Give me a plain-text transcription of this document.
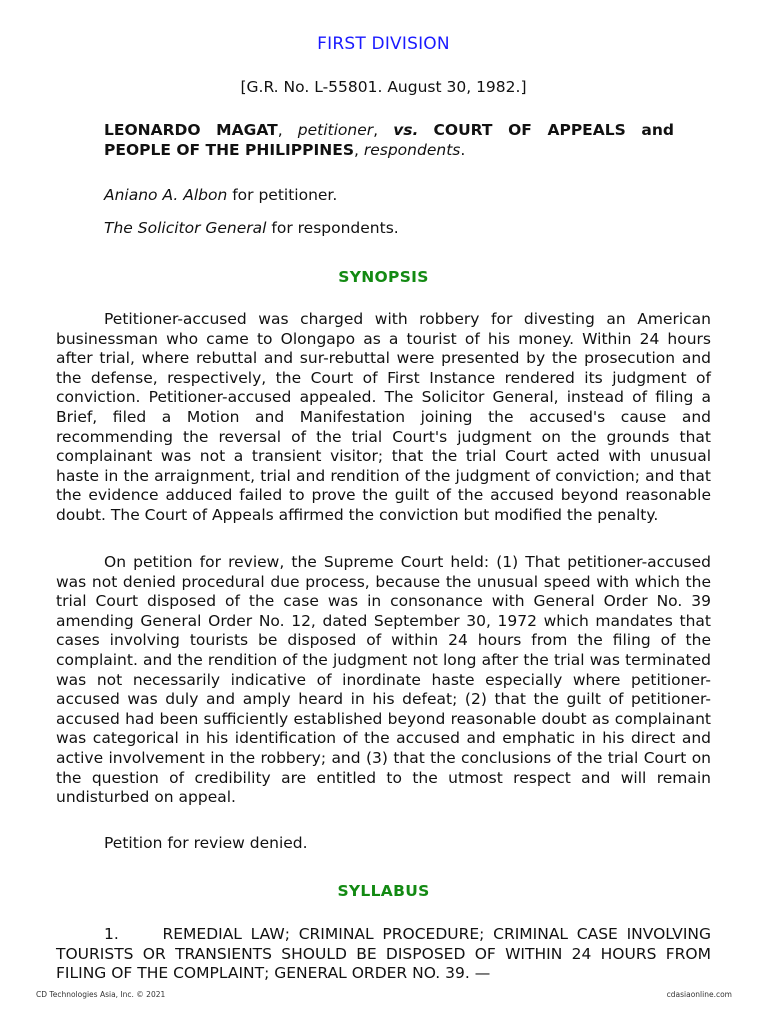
FIRST DIVISION
[G.R. No. L-55801. August 30, 1982.]
LEONARDO MAGAT, petitioner, vs. COURT OF APPEALS and PEOPLE OF THE PHILIPPINES, respondents.
Aniano A. Albon for petitioner.
The Solicitor General for respondents.
SYNOPSIS
Petitioner-accused was charged with robbery for divesting an American businessman who came to Olongapo as a tourist of his money. Within 24 hours after trial, where rebuttal and sur-rebuttal were presented by the prosecution and the defense, respectively, the Court of First Instance rendered its judgment of conviction. Petitioner-accused appealed. The Solicitor General, instead of filing a Brief, filed a Motion and Manifestation joining the accused's cause and recommending the reversal of the trial Court's judgment on the grounds that complainant was not a transient visitor; that the trial Court acted with unusual haste in the arraignment, trial and rendition of the judgment of conviction; and that the evidence adduced failed to prove the guilt of the accused beyond reasonable doubt. The Court of Appeals affirmed the conviction but modified the penalty.
On petition for review, the Supreme Court held: (1) That petitioner-accused was not denied procedural due process, because the unusual speed with which the trial Court disposed of the case was in consonance with General Order No. 39 amending General Order No. 12, dated September 30, 1972 which mandates that cases involving tourists be disposed of within 24 hours from the filing of the complaint. and the rendition of the judgment not long after the trial was terminated was not necessarily indicative of inordinate haste especially where petitioner-accused was duly and amply heard in his defeat; (2) that the guilt of petitioner-accused had been sufficiently established beyond reasonable doubt as complainant was categorical in his identification of the accused and emphatic in his direct and active involvement in the robbery; and (3) that the conclusions of the trial Court on the question of credibility are entitled to the utmost respect and will remain undisturbed on appeal.
Petition for review denied.
SYLLABUS
1.     REMEDIAL LAW; CRIMINAL PROCEDURE; CRIMINAL CASE INVOLVING TOURISTS OR TRANSIENTS SHOULD BE DISPOSED OF WITHIN 24 HOURS FROM FILING OF THE COMPLAINT; GENERAL ORDER NO. 39. —
CD Technologies Asia, Inc. © 2021	cdasiaonline.com
